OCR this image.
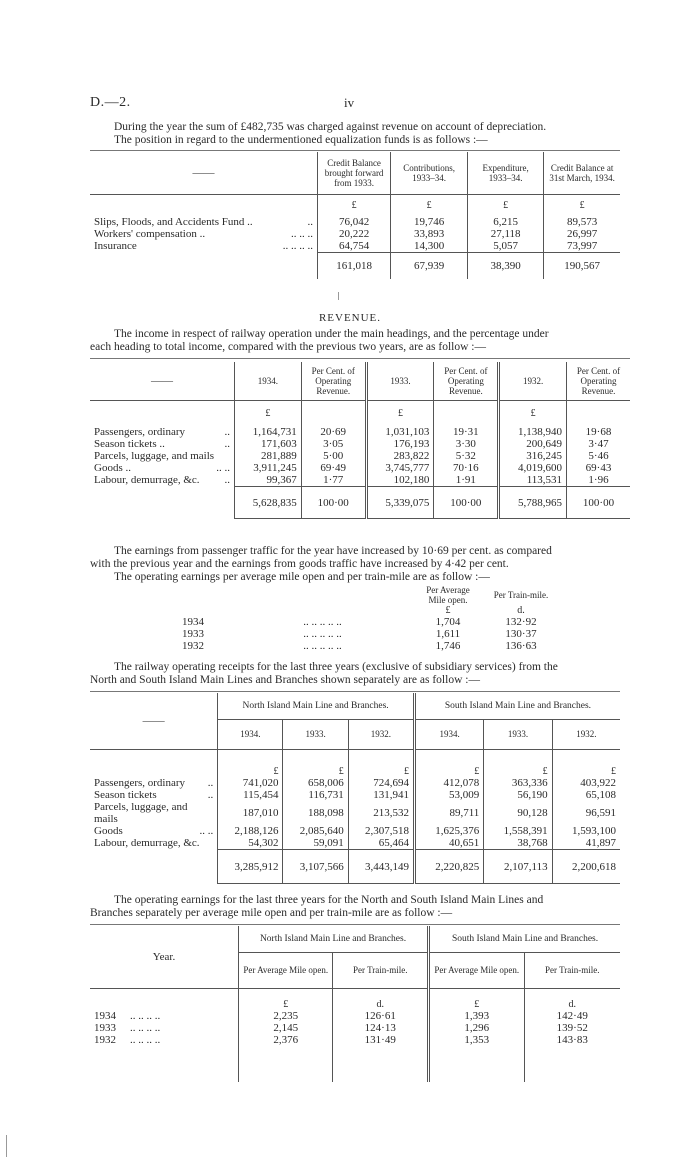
D.—2.	iv

During the year the sum of £482,735 was charged against revenue on account of depreciation.

The position in regard to the undermentioned equalization funds is as follows :—

——	Credit Balance brought forward from 1933.	Contributions, 1933–34.	Expenditure, 1933–34.	Credit Balance at 31st March, 1934.
	£	£	£	£
Slips, Floods, and Accidents Fund .. ..	76,042	19,746	6,215	89,573
Workers' compensation .. .. .. ..	20,222	33,893	27,118	26,997
Insurance .. .. .. ..	64,754	14,300	5,057	73,997
	161,018	67,939	38,390	190,567
REVENUE.

The income in respect of railway operation under the main headings, and the percentage under

each heading to total income, compared with the previous two years, are as follow :—

——	1934.	Per Cent. of Operating Revenue.	1933.	Per Cent. of Operating Revenue.	1932.	Per Cent. of Operating Revenue.
	£		£		£	
Passengers, ordinary ..	1,164,731	20·69	1,031,103	19·31	1,138,940	19·68
Season tickets .. ..	171,603	3·05	176,193	3·30	200,649	3·47
Parcels, luggage, and mails	281,889	5·00	283,822	5·32	316,245	5·46
Goods .. .. ..	3,911,245	69·49	3,745,777	70·16	4,019,600	69·43
Labour, demurrage, &c. ..	99,367	1·77	102,180	1·91	113,531	1·96
	5,628,835	100·00	5,339,075	100·00	5,788,965	100·00

The earnings from passenger traffic for the year have increased by 10·69 per cent. as compared

with the previous year and the earnings from goods traffic have increased by 4·42 per cent.

The operating earnings per average mile open and per train-mile are as follow :—

		Per Average Mile open.	Per Train-mile.
		£	d.
1934	.. .. .. .. ..	1,704	132·92
1933	.. .. .. .. ..	1,611	130·37
1932	.. .. .. .. ..	1,746	136·63

The railway operating receipts for the last three years (exclusive of subsidiary services) from the

North and South Island Main Lines and Branches shown separately are as follow :—

——	North Island Main Line and Branches.			South Island Main Line and Branches.		
	1934.	1933.	1932.	1934.	1933.	1932.
	£	£	£	£	£	£
Passengers, ordinary ..	741,020	658,006	724,694	412,078	363,336	403,922
Season tickets ..	115,454	116,731	131,941	53,009	56,190	65,108
Parcels, luggage, and mails	187,010	188,098	213,532	89,711	90,128	96,591
Goods .. ..	2,188,126	2,085,640	2,307,518	1,625,376	1,558,391	1,593,100
Labour, demurrage, &c.	54,302	59,091	65,464	40,651	38,768	41,897
	3,285,912	3,107,566	3,443,149	2,220,825	2,107,113	2,200,618

The operating earnings for the last three years for the North and South Island Main Lines and

Branches separately per average mile open and per train-mile are as follow :—

Year.	North Island Main Line and Branches.		South Island Main Line and Branches.	
	Per Average Mile open.	Per Train-mile.	Per Average Mile open.	Per Train-mile.
	£	d.	£	d.
1934 .. .. .. ..	2,235	126·61	1,393	142·49
1933 .. .. .. ..	2,145	124·13	1,296	139·52
1932 .. .. .. ..	2,376	131·49	1,353	143·83
